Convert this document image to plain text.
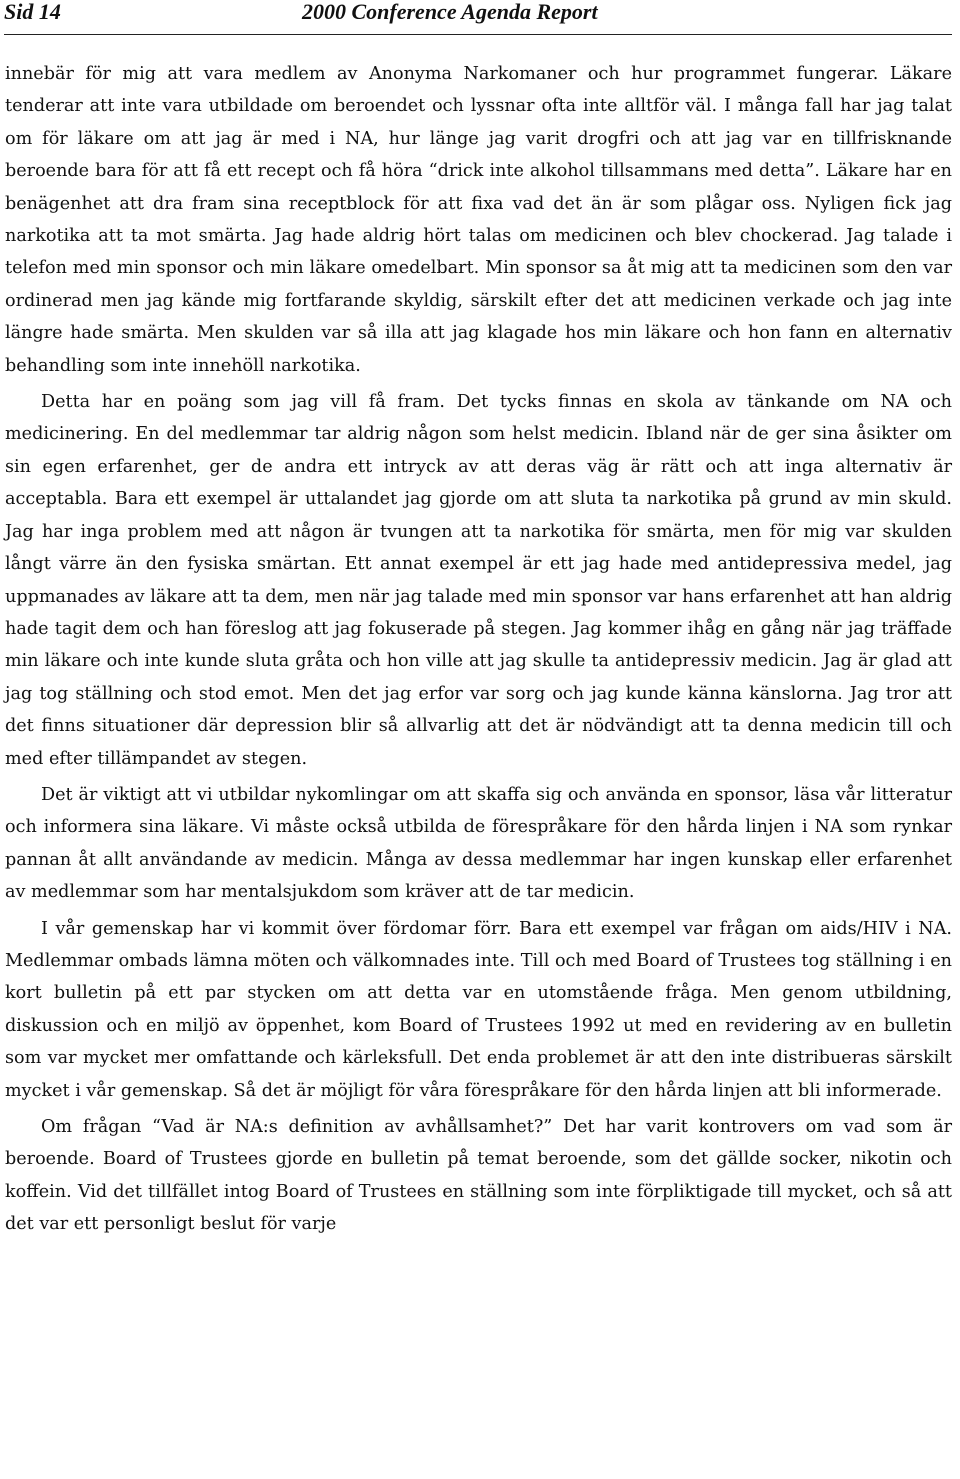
Sid 14	2000 Conference Agenda Report

innebär för mig att vara medlem av Anonyma Narkomaner och hur programmet fungerar. Läkare tenderar att inte vara utbildade om beroendet och lyssnar ofta inte alltför väl. I många fall har jag talat om för läkare om att jag är med i NA, hur länge jag varit drogfri och att jag var en tillfrisknande beroende bara för att få ett recept och få höra “drick inte alkohol tillsammans med detta”. Läkare har en benägenhet att dra fram sina receptblock för att fixa vad det än är som plågar oss. Nyligen fick jag narkotika att ta mot smärta. Jag hade aldrig hört talas om medicinen och blev chockerad. Jag talade i telefon med min sponsor och min läkare omedelbart. Min sponsor sa åt mig att ta medicinen som den var ordinerad men jag kände mig fortfarande skyldig, särskilt efter det att medicinen verkade och jag inte längre hade smärta. Men skulden var så illa att jag klagade hos min läkare och hon fann en alternativ behandling som inte innehöll narkotika.

Detta har en poäng som jag vill få fram. Det tycks finnas en skola av tänkande om NA och medicinering. En del medlemmar tar aldrig någon som helst medicin. Ibland när de ger sina åsikter om sin egen erfarenhet, ger de andra ett intryck av att deras väg är rätt och att inga alternativ är acceptabla. Bara ett exempel är uttalandet jag gjorde om att sluta ta narkotika på grund av min skuld. Jag har inga problem med att någon är tvungen att ta narkotika för smärta, men för mig var skulden långt värre än den fysiska smärtan. Ett annat exempel är ett jag hade med antidepressiva medel, jag uppmanades av läkare att ta dem, men när jag talade med min sponsor var hans erfarenhet att han aldrig hade tagit dem och han föreslog att jag fokuserade på stegen. Jag kommer ihåg en gång när jag träffade min läkare och inte kunde sluta gråta och hon ville att jag skulle ta antidepressiv medicin. Jag är glad att jag tog ställning och stod emot. Men det jag erfor var sorg och jag kunde känna känslorna. Jag tror att det finns situationer där depression blir så allvarlig att det är nödvändigt att ta denna medicin till och med efter tillämpandet av stegen.

Det är viktigt att vi utbildar nykomlingar om att skaffa sig och använda en sponsor, läsa vår litteratur och informera sina läkare. Vi måste också utbilda de förespråkare för den hårda linjen i NA som rynkar pannan åt allt användande av medicin. Många av dessa medlemmar har ingen kunskap eller erfarenhet av medlemmar som har mentalsjukdom som kräver att de tar medicin.

I vår gemenskap har vi kommit över fördomar förr. Bara ett exempel var frågan om aids/HIV i NA. Medlemmar ombads lämna möten och välkomnades inte. Till och med Board of Trustees tog ställning i en kort bulletin på ett par stycken om att detta var en utomstående fråga. Men genom utbildning, diskussion och en miljö av öppenhet, kom Board of Trustees 1992 ut med en revidering av en bulletin som var mycket mer omfattande och kärleksfull. Det enda problemet är att den inte distribueras särskilt mycket i vår gemenskap. Så det är möjligt för våra förespråkare för den hårda linjen att bli informerade.

Om frågan “Vad är NA:s definition av avhållsamhet?” Det har varit kontrovers om vad som är beroende. Board of Trustees gjorde en bulletin på temat beroende, som det gällde socker, nikotin och koffein. Vid det tillfället intog Board of Trustees en ställning som inte förpliktigade till mycket, och så att det var ett personligt beslut för varje
